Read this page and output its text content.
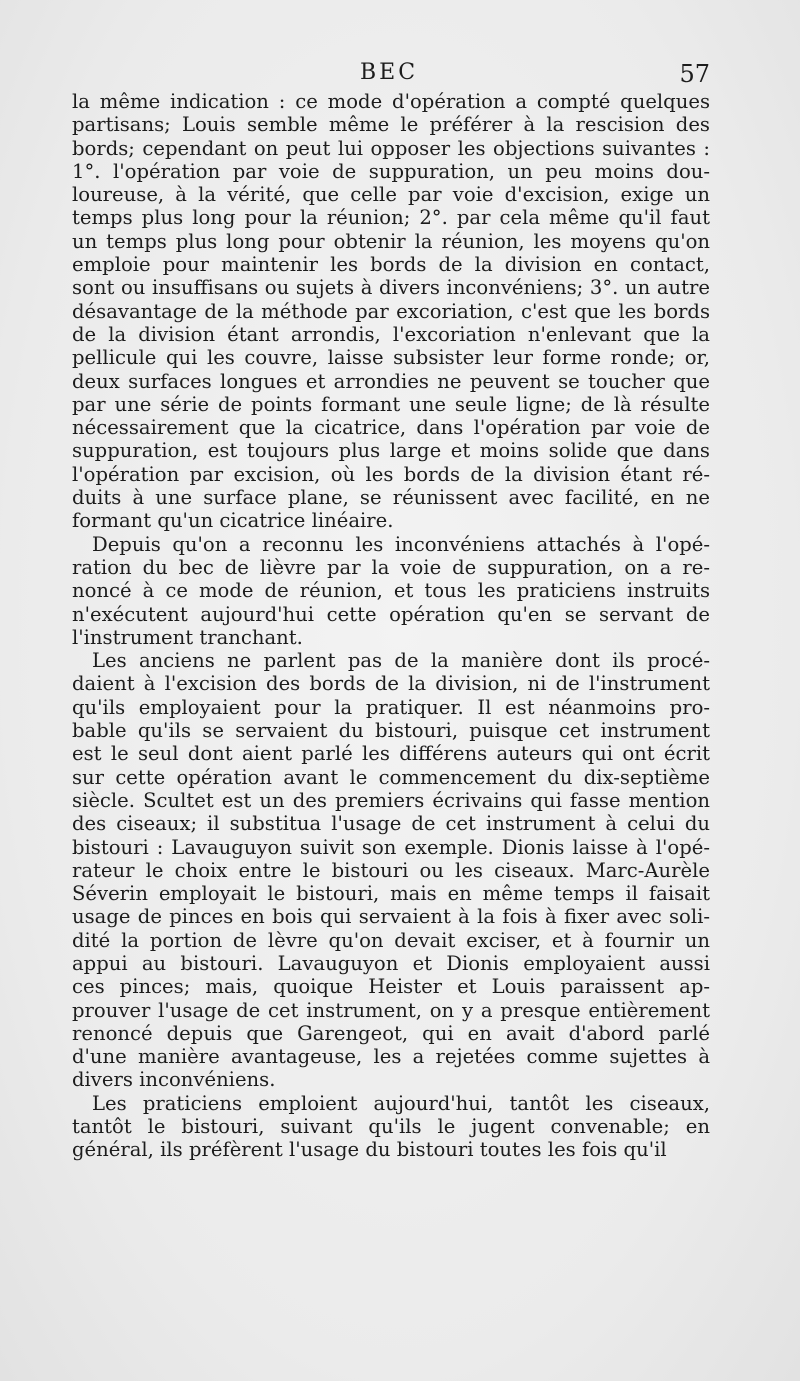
BEC	57
la même indication : ce mode d'opération a compté quelques
partisans; Louis semble même le préférer à la rescision des
bords; cependant on peut lui opposer les objections suivantes :
1°. l'opération par voie de suppuration, un peu moins dou-
loureuse, à la vérité, que celle par voie d'excision, exige un
temps plus long pour la réunion; 2°. par cela même qu'il faut
un temps plus long pour obtenir la réunion, les moyens qu'on
emploie pour maintenir les bords de la division en contact,
sont ou insuffisans ou sujets à divers inconvéniens; 3°. un autre
désavantage de la méthode par excoriation, c'est que les bords
de la division étant arrondis, l'excoriation n'enlevant que la
pellicule qui les couvre, laisse subsister leur forme ronde; or,
deux surfaces longues et arrondies ne peuvent se toucher que
par une série de points formant une seule ligne; de là résulte
nécessairement que la cicatrice, dans l'opération par voie de
suppuration, est toujours plus large et moins solide que dans
l'opération par excision, où les bords de la division étant ré-
duits à une surface plane, se réunissent avec facilité, en ne
formant qu'un cicatrice linéaire.
Depuis qu'on a reconnu les inconvéniens attachés à l'opé-
ration du bec de lièvre par la voie de suppuration, on a re-
noncé à ce mode de réunion, et tous les praticiens instruits
n'exécutent aujourd'hui cette opération qu'en se servant de
l'instrument tranchant.
Les anciens ne parlent pas de la manière dont ils procé-
daient à l'excision des bords de la division, ni de l'instrument
qu'ils employaient pour la pratiquer. Il est néanmoins pro-
bable qu'ils se servaient du bistouri, puisque cet instrument
est le seul dont aient parlé les différens auteurs qui ont écrit
sur cette opération avant le commencement du dix-septième
siècle. Scultet est un des premiers écrivains qui fasse mention
des ciseaux; il substitua l'usage de cet instrument à celui du
bistouri : Lavauguyon suivit son exemple. Dionis laisse à l'opé-
rateur le choix entre le bistouri ou les ciseaux. Marc-Aurèle
Séverin employait le bistouri, mais en même temps il faisait
usage de pinces en bois qui servaient à la fois à fixer avec soli-
dité la portion de lèvre qu'on devait exciser, et à fournir un
appui au bistouri. Lavauguyon et Dionis employaient aussi
ces pinces; mais, quoique Heister et Louis paraissent ap-
prouver l'usage de cet instrument, on y a presque entièrement
renoncé depuis que Garengeot, qui en avait d'abord parlé
d'une manière avantageuse, les a rejetées comme sujettes à
divers inconvéniens.
Les praticiens emploient aujourd'hui, tantôt les ciseaux,
tantôt le bistouri, suivant qu'ils le jugent convenable; en
général, ils préfèrent l'usage du bistouri toutes les fois qu'il
